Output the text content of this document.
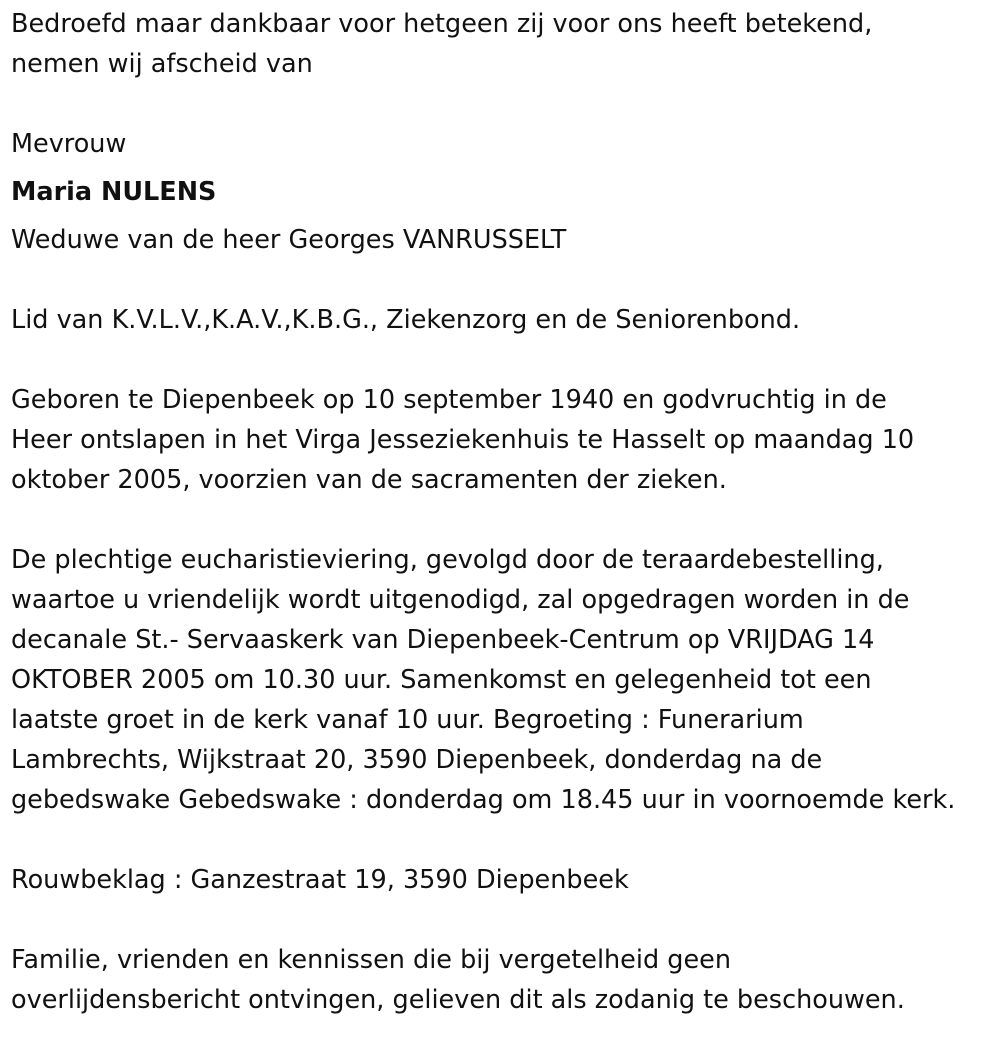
Bedroefd maar dankbaar voor hetgeen zij voor ons heeft betekend,
nemen wij afscheid van

Mevrouw

Maria NULENS

Weduwe van de heer Georges VANRUSSELT

Lid van K.V.L.V.,K.A.V.,K.B.G., Ziekenzorg en de Seniorenbond.

Geboren te Diepenbeek op 10 september 1940 en godvruchtig in de
Heer ontslapen in het Virga Jesseziekenhuis te Hasselt op maandag 10
oktober 2005, voorzien van de sacramenten der zieken.

De plechtige eucharistieviering, gevolgd door de teraardebestelling,
waartoe u vriendelijk wordt uitgenodigd, zal opgedragen worden in de
decanale St.- Servaaskerk van Diepenbeek-Centrum op VRIJDAG 14
OKTOBER 2005 om 10.30 uur. Samenkomst en gelegenheid tot een
laatste groet in de kerk vanaf 10 uur. Begroeting : Funerarium
Lambrechts, Wijkstraat 20, 3590 Diepenbeek, donderdag na de
gebedswake Gebedswake : donderdag om 18.45 uur in voornoemde kerk.

Rouwbeklag : Ganzestraat 19, 3590 Diepenbeek

Familie, vrienden en kennissen die bij vergetelheid geen
overlijdensbericht ontvingen, gelieven dit als zodanig te beschouwen.
